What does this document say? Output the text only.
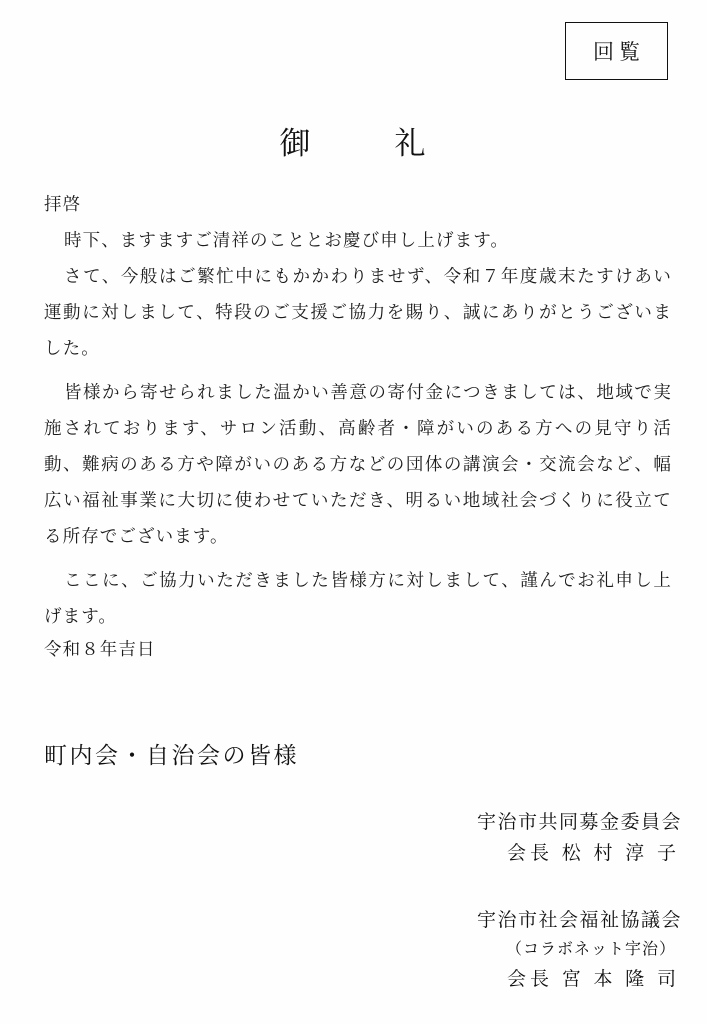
回覧
御	礼

拝啓

時下、ますますご清祥のこととお慶び申し上げます。

さて、今般はご繁忙中にもかかわりませず、令和７年度歳末たすけあい運動に対しまして、特段のご支援ご協力を賜り、誠にありがとうございました。

皆様から寄せられました温かい善意の寄付金につきましては、地域で実施されております、サロン活動、高齢者・障がいのある方への見守り活動、難病のある方や障がいのある方などの団体の講演会・交流会など、幅広い福祉事業に大切に使わせていただき、明るい地域社会づくりに役立てる所存でございます。

ここに、ご協力いただきました皆様方に対しまして、謹んでお礼申し上げます。

令和８年吉日
町内会・自治会の皆様
宇治市共同募金委員会
会長 松 村 淳 子
宇治市社会福祉協議会
（コラボネット宇治）
会長 宮 本 隆 司
